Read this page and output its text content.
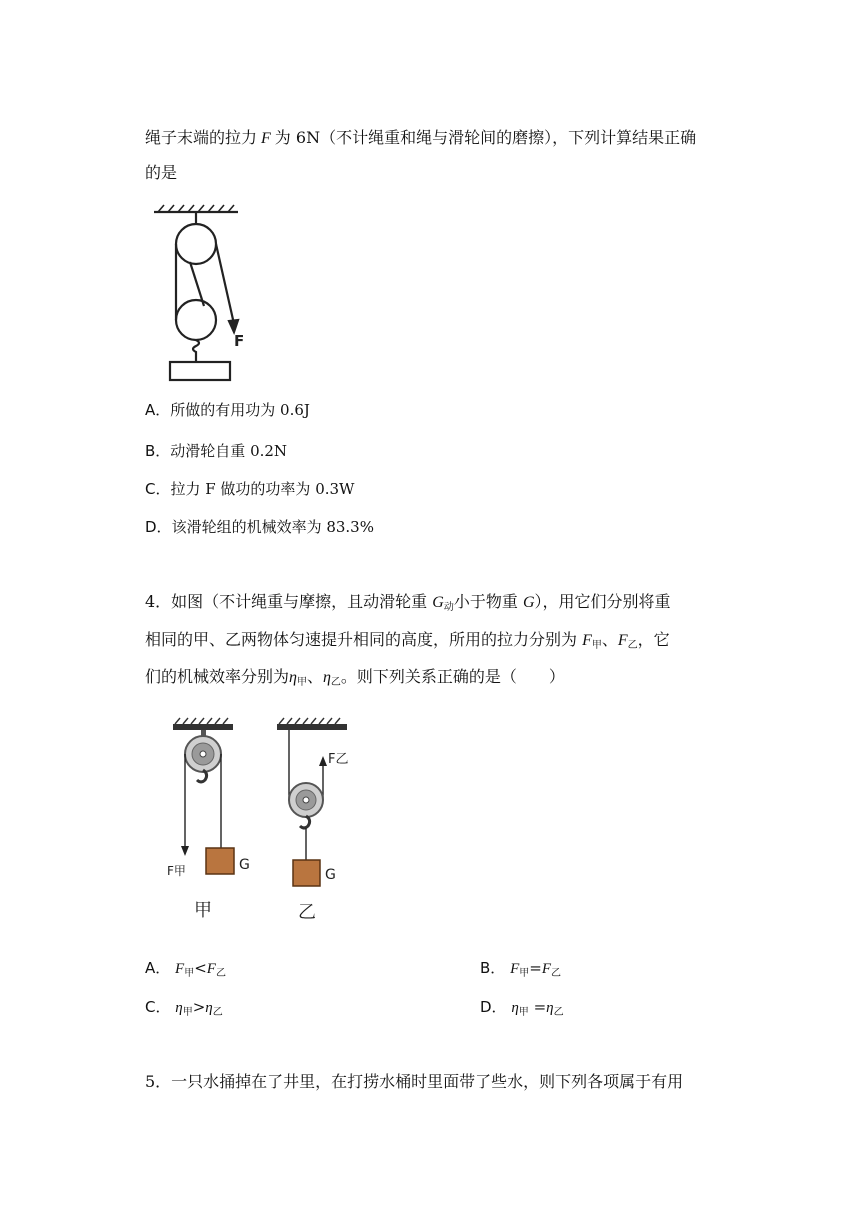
绳子末端的拉力 F 为 6N（不计绳重和绳与滑轮间的磨擦），下列计算结果正确
的是
F
A．所做的有用功为 0.6J
B．动滑轮自重 0.2N
C．拉力 F 做功的功率为 0.3W
D．该滑轮组的机械效率为 83.3%
4．如图（不计绳重与摩擦，且动滑轮重 $G_动$小于物重 G），用它们分别将重
相同的甲、乙两物体匀速提升相同的高度，所用的拉力分别为 $F_甲$、$F_乙$，它
们的机械效率分别为$\eta_甲$、$\eta_乙$。则下列关系正确的是（　　）
F甲	G
甲
F乙
G
乙
A． $F_甲<F_乙$	B． $F_甲=F_乙$
C． $\eta_甲>\eta_乙$	D． $\eta_甲 =\eta_乙$
5．一只水捅掉在了井里，在打捞水桶时里面带了些水，则下列各项属于有用
